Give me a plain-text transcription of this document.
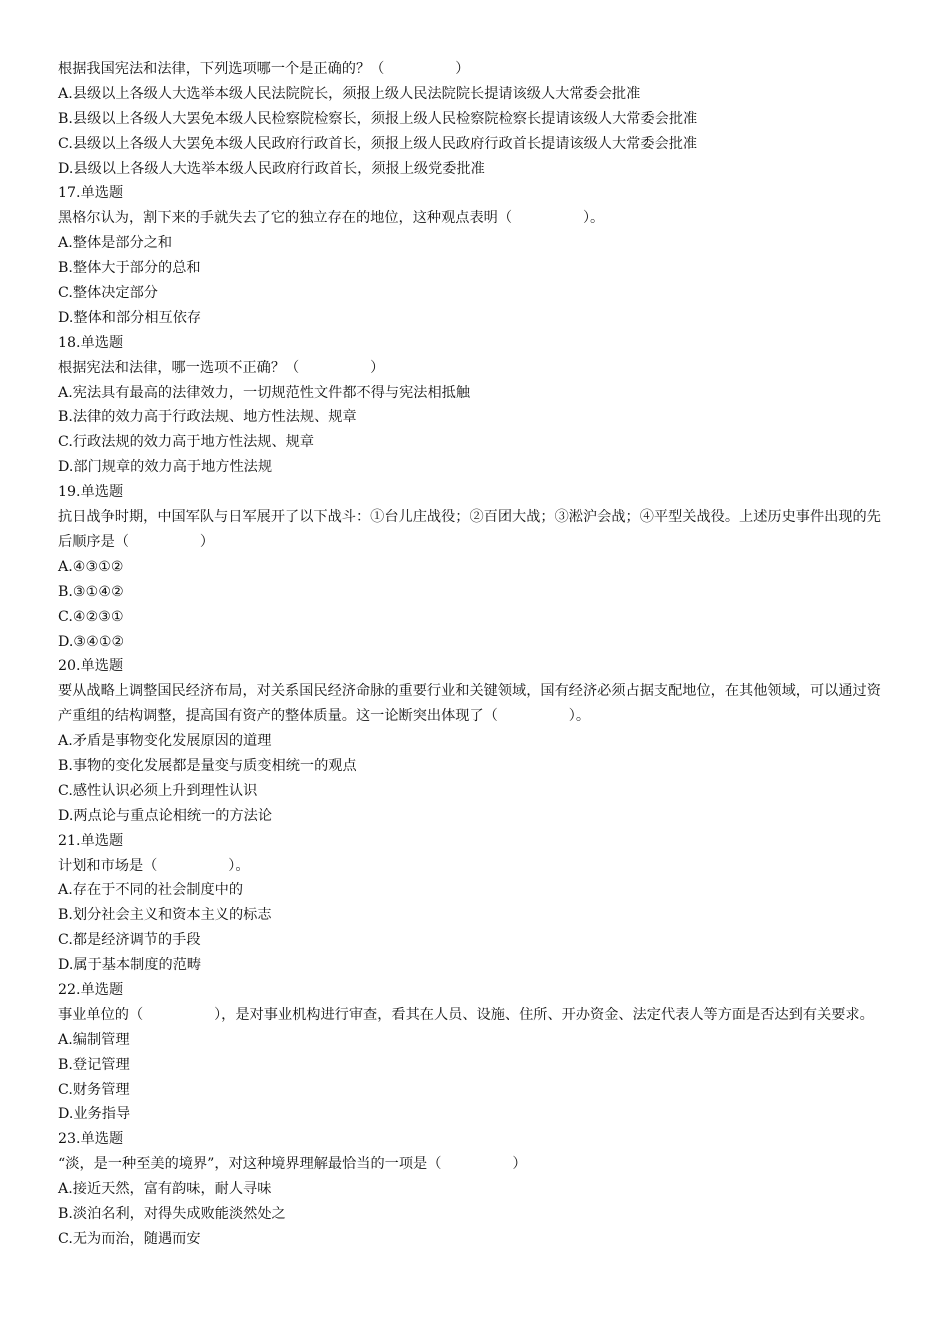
根据我国宪法和法律，下列选项哪一个是正确的？（　　　　　）
A.县级以上各级人大选举本级人民法院院长，须报上级人民法院院长提请该级人大常委会批准
B.县级以上各级人大罢免本级人民检察院检察长，须报上级人民检察院检察长提请该级人大常委会批准
C.县级以上各级人大罢免本级人民政府行政首长，须报上级人民政府行政首长提请该级人大常委会批准
D.县级以上各级人大选举本级人民政府行政首长，须报上级党委批准
17.单选题
黑格尔认为，割下来的手就失去了它的独立存在的地位，这种观点表明（　　　　　）。
A.整体是部分之和
B.整体大于部分的总和
C.整体决定部分
D.整体和部分相互依存
18.单选题
根据宪法和法律，哪一选项不正确？（　　　　　）
A.宪法具有最高的法律效力，一切规范性文件都不得与宪法相抵触
B.法律的效力高于行政法规、地方性法规、规章
C.行政法规的效力高于地方性法规、规章
D.部门规章的效力高于地方性法规
19.单选题
抗日战争时期，中国军队与日军展开了以下战斗：①台儿庄战役；②百团大战；③淞沪会战；④平型关战役。上述历史事件出现的先后顺序是（　　　　　）
A.④③①②
B.③①④②
C.④②③①
D.③④①②
20.单选题
要从战略上调整国民经济布局，对关系国民经济命脉的重要行业和关键领域，国有经济必须占据支配地位，在其他领域，可以通过资产重组的结构调整，提高国有资产的整体质量。这一论断突出体现了（　　　　　）。
A.矛盾是事物变化发展原因的道理
B.事物的变化发展都是量变与质变相统一的观点
C.感性认识必须上升到理性认识
D.两点论与重点论相统一的方法论
21.单选题
计划和市场是（　　　　　）。
A.存在于不同的社会制度中的
B.划分社会主义和资本主义的标志
C.都是经济调节的手段
D.属于基本制度的范畴
22.单选题
事业单位的（　　　　　），是对事业机构进行审查，看其在人员、设施、住所、开办资金、法定代表人等方面是否达到有关要求。
A.编制管理
B.登记管理
C.财务管理
D.业务指导
23.单选题
“淡，是一种至美的境界”，对这种境界理解最恰当的一项是（　　　　　）
A.接近天然，富有韵味，耐人寻味
B.淡泊名利，对得失成败能淡然处之
C.无为而治，随遇而安
